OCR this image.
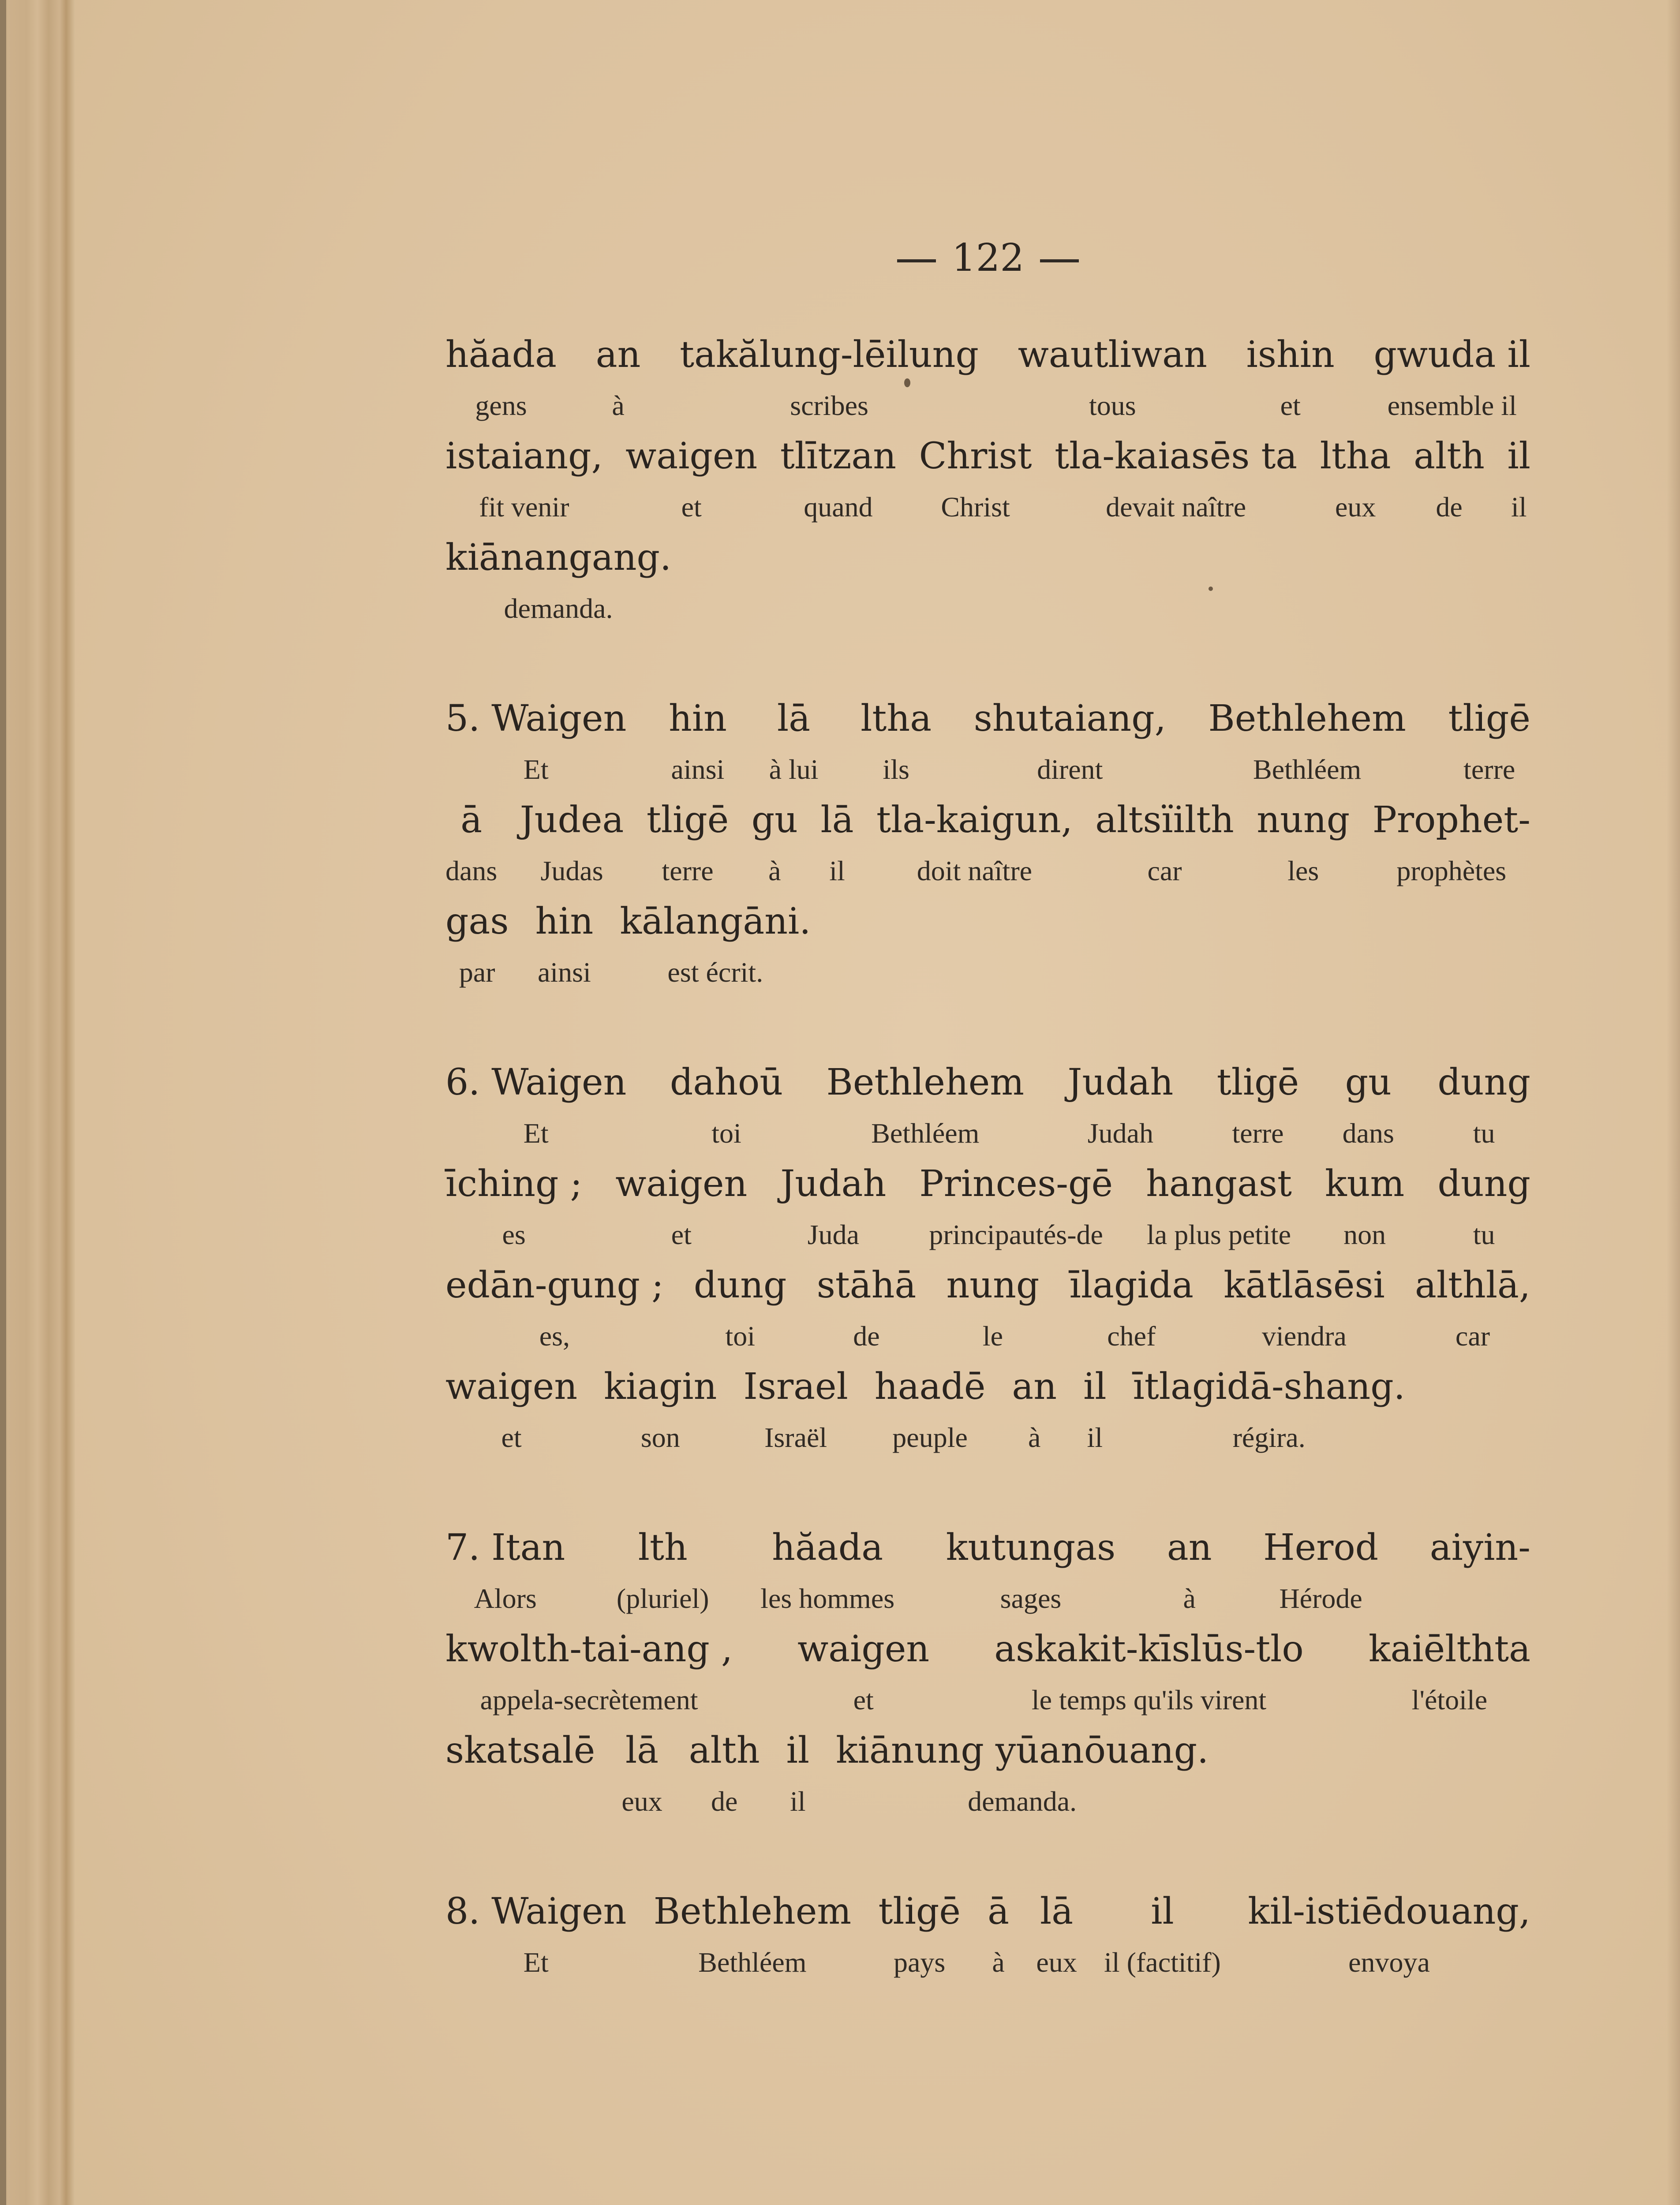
122
hăada
gens
an
à
takălung-lēilung
scribes
wautliwan
tous
ishin
et
gwuda il
ensemble il
istaiang,
fit venir
waigen
et
tlītzan
quand
Christ
Christ
tla-kaiasēs ta
devait naître
ltha
eux
alth
de
il
il
kiānangang.
demanda.
5. Waigen
Et
hin
ainsi
lā
à lui
ltha
ils
shutaiang,
dirent
Bethlehem
Bethléem
tligē
terre
ā
dans
Judea
Judas
tligē
terre
gu
à
lā
il
tla-kaigun,
doit naître
altsïilth
car
nung
les
Prophet-
prophètes
gas
par
hin
ainsi
kālangāni.
est écrit.
6. Waigen
Et
dahoū
toi
Bethlehem
Bethléem
Judah
Judah
tligē
terre
gu
dans
dung
tu
īching ;
es
waigen
et
Judah
Juda
Princes-gē
principautés-de
hangast
la plus petite
kum
non
dung
tu
edān-gung ;
es,
dung
toi
stāhā
de
nung
le
īlagida
chef
kātlāsēsi
viendra
althlā,
car
waigen
et
kiagin
son
Israel
Israël
haadē
peuple
an
à
il
il
ītlagidā-shang.
régira.
7. Itan
Alors
lth
(pluriel)
hăada
les hommes
kutungas
sages
an
à
Herod
Hérode
aiyin-

kwolth-tai-ang ,
appela-secrètement
waigen
et
askakit-kīslūs-tlo
le temps qu'ils virent
kaiēlthta
l'étoile
skatsalē
lā
eux
alth
de
il
il
kiānung yūanōuang.
demanda.
8. Waigen
Et
Bethlehem
Bethléem
tligē
pays
ā
à
lā
eux
il
il (factitif)
kil-istiēdouang,
envoya
